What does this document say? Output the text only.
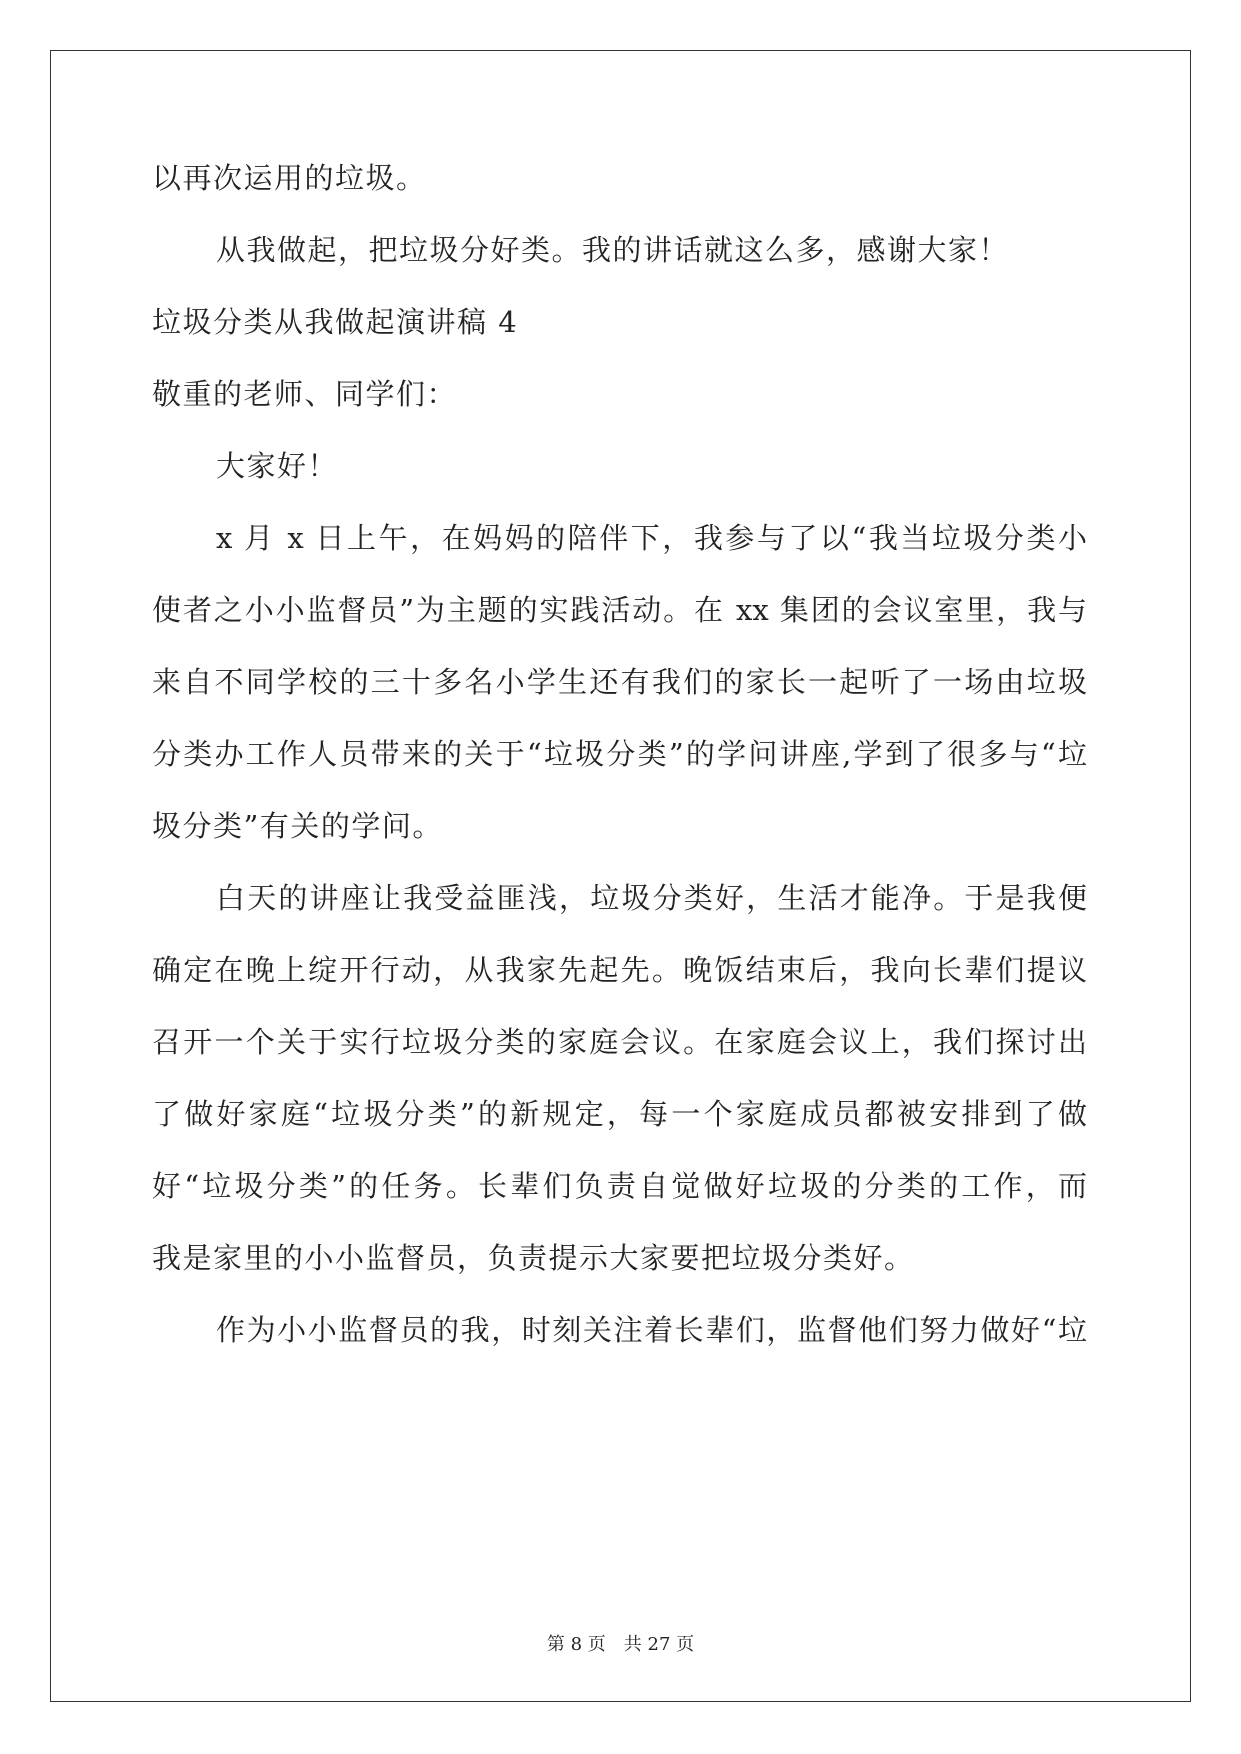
以再次运用的垃圾。
从我做起，把垃圾分好类。我的讲话就这么多，感谢大家！
垃圾分类从我做起演讲稿 4
敬重的老师、同学们：
大家好！
x 月 x 日上午，在妈妈的陪伴下，我参与了以“我当垃圾分类小
使者之小小监督员”为主题的实践活动。在 xx 集团的会议室里，我与
来自不同学校的三十多名小学生还有我们的家长一起听了一场由垃圾
分类办工作人员带来的关于“垃圾分类”的学问讲座,学到了很多与“垃
圾分类”有关的学问。
白天的讲座让我受益匪浅，垃圾分类好，生活才能净。于是我便
确定在晚上绽开行动，从我家先起先。晚饭结束后，我向长辈们提议
召开一个关于实行垃圾分类的家庭会议。在家庭会议上，我们探讨出
了做好家庭“垃圾分类”的新规定，每一个家庭成员都被安排到了做
好“垃圾分类”的任务。长辈们负责自觉做好垃圾的分类的工作，而
我是家里的小小监督员，负责提示大家要把垃圾分类好。
作为小小监督员的我，时刻关注着长辈们，监督他们努力做好“垃
第 8 页　共 27 页
